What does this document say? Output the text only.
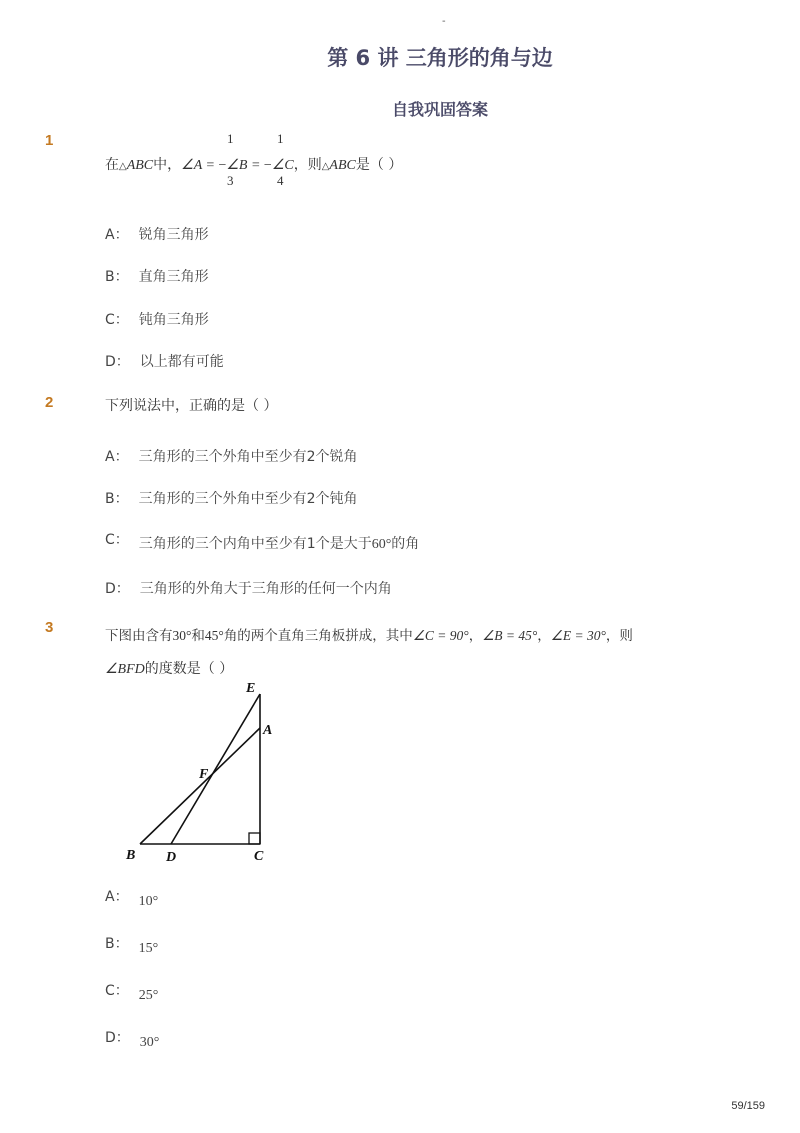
-
第 6 讲 三角形的角与边
自我巩固答案
1	1
3
1
4
在△ABC中，∠A = −∠B = −∠C，则△ABC是（ ）
A： 锐角三角形
B： 直角三角形
C： 钝角三角形
D： 以上都有可能
2	下列说法中，正确的是（ ）
A： 三角形的三个外角中至少有2个锐角
B： 三角形的三个外角中至少有2个钝角
C： 三角形的三个内角中至少有1个是大于60°的角
D： 三角形的外角大于三角形的任何一个内角
3	下图由含有30°和45°角的两个直角三角板拼成，其中∠C = 90°，∠B = 45°，∠E = 30°，则
∠BFD的度数是（ ）
E
A
F
B D	C
A： 10°
B： 15°
C： 25°
D： 30°
59/159
